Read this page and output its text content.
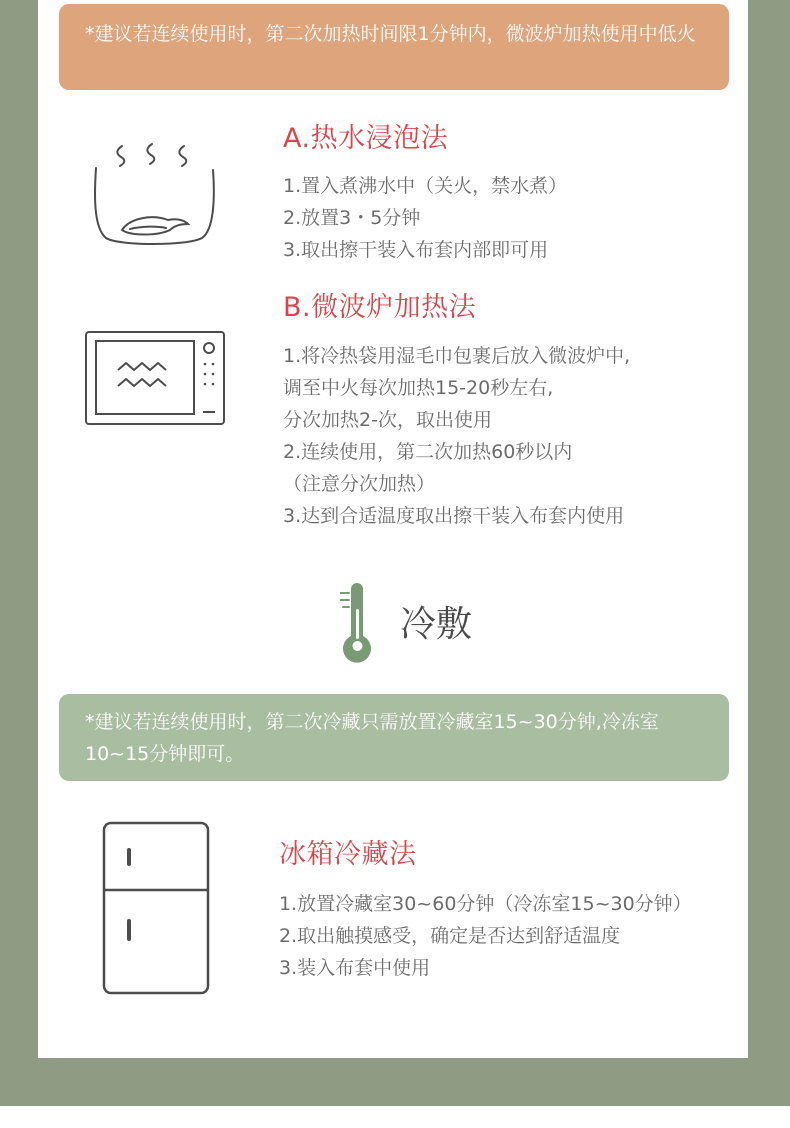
*建议若连续使用时，第二次加热时间限1分钟内，微波炉加热使用中低火
A.热水浸泡法
1.置入煮沸水中（关火，禁水煮）
2.放置3・5分钟
3.取出擦干装入布套内部即可用
B.微波炉加热法
1.将冷热袋用湿毛巾包裹后放入微波炉中,
调至中火每次加热15-20秒左右,
分次加热2-次，取出使用
2.连续使用，第二次加热60秒以内
（注意分次加热）
3.达到合适温度取出擦干装入布套内使用
冷敷
*建议若连续使用时，第二次冷藏只需放置冷藏室15~30分钟,冷冻室10~15分钟即可。
冰箱冷藏法
1.放置冷藏室30~60分钟（冷冻室15~30分钟）
2.取出触摸感受，确定是否达到舒适温度
3.装入布套中使用
